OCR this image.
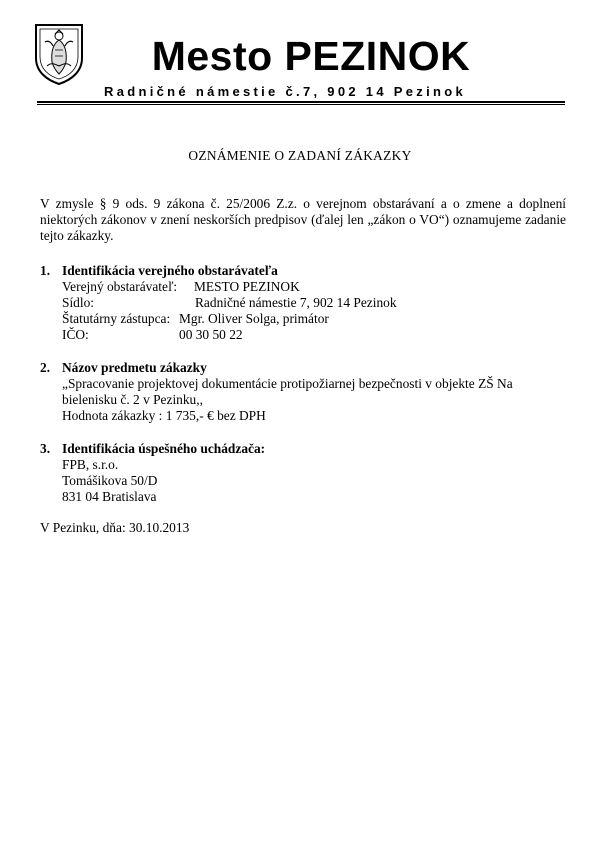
Mesto PEZINOK
Radničné námestie č.7, 902 14 Pezinok
OZNÁMENIE O ZADANÍ ZÁKAZKY

V zmysle § 9 ods. 9 zákona č. 25/2006 Z.z. o verejnom obstarávaní a o zmene a doplnení niektorých zákonov v znení neskorších predpisov (ďalej len „zákon o VO“) oznamujeme zadanie tejto zákazky.

1. Identifikácia verejného obstarávateľa
Verejný obstarávateľ: MESTO PEZINOK
Sídlo:	Radničné námestie 7, 902 14 Pezinok
Štatutárny zástupca: Mgr. Oliver Solga, primátor
IČO:	00 30 50 22
2. Názov predmetu zákazky
„Spracovanie projektovej dokumentácie protipožiarnej bezpečnosti v objekte ZŠ Na
bielenisku č. 2 v Pezinku,,
Hodnota zákazky : 1 735,- € bez DPH
3. Identifikácia úspešného uchádzača:
FPB, s.r.o.
Tomášikova 50/D
831 04 Bratislava
V Pezinku, dňa: 30.10.2013
